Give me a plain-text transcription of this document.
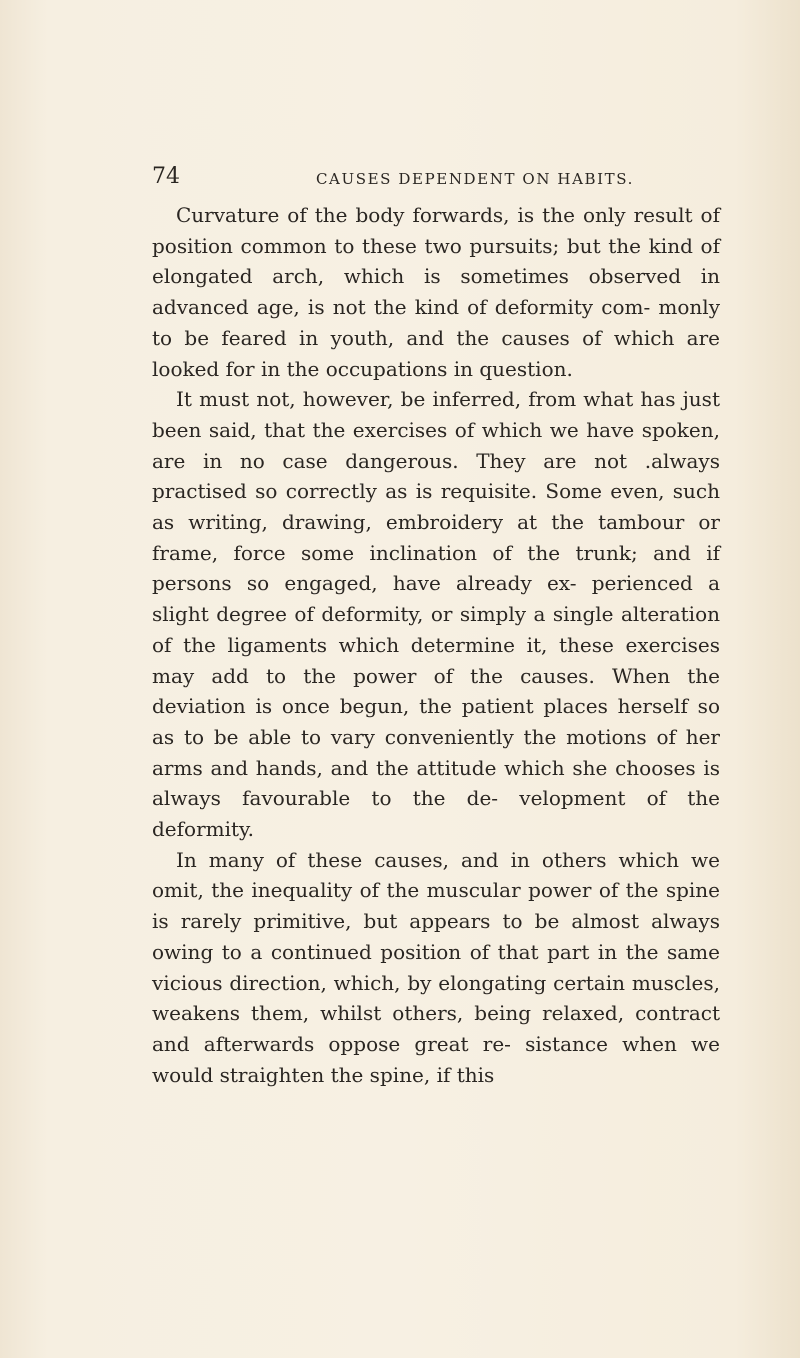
74	CAUSES DEPENDENT ON HABITS.

Curvature of the body forwards, is the only result of position common to these two pursuits; but the kind of elongated arch, which is sometimes observed in advanced age, is not the kind of deformity com- monly to be feared in youth, and the causes of which are looked for in the occupations in question.

It must not, however, be inferred, from what has just been said, that the exercises of which we have spoken, are in no case dangerous. They are not .always practised so correctly as is requisite. Some even, such as writing, drawing, embroidery at the tambour or frame, force some inclination of the trunk; and if persons so engaged, have already ex- perienced a slight degree of deformity, or simply a single alteration of the ligaments which determine it, these exercises may add to the power of the causes. When the deviation is once begun, the patient places herself so as to be able to vary conveniently the motions of her arms and hands, and the attitude which she chooses is always favourable to the de- velopment of the deformity.

In many of these causes, and in others which we omit, the inequality of the muscular power of the spine is rarely primitive, but appears to be almost always owing to a continued position of that part in the same vicious direction, which, by elongating certain muscles, weakens them, whilst others, being relaxed, contract and afterwards oppose great re- sistance when we would straighten the spine, if this
